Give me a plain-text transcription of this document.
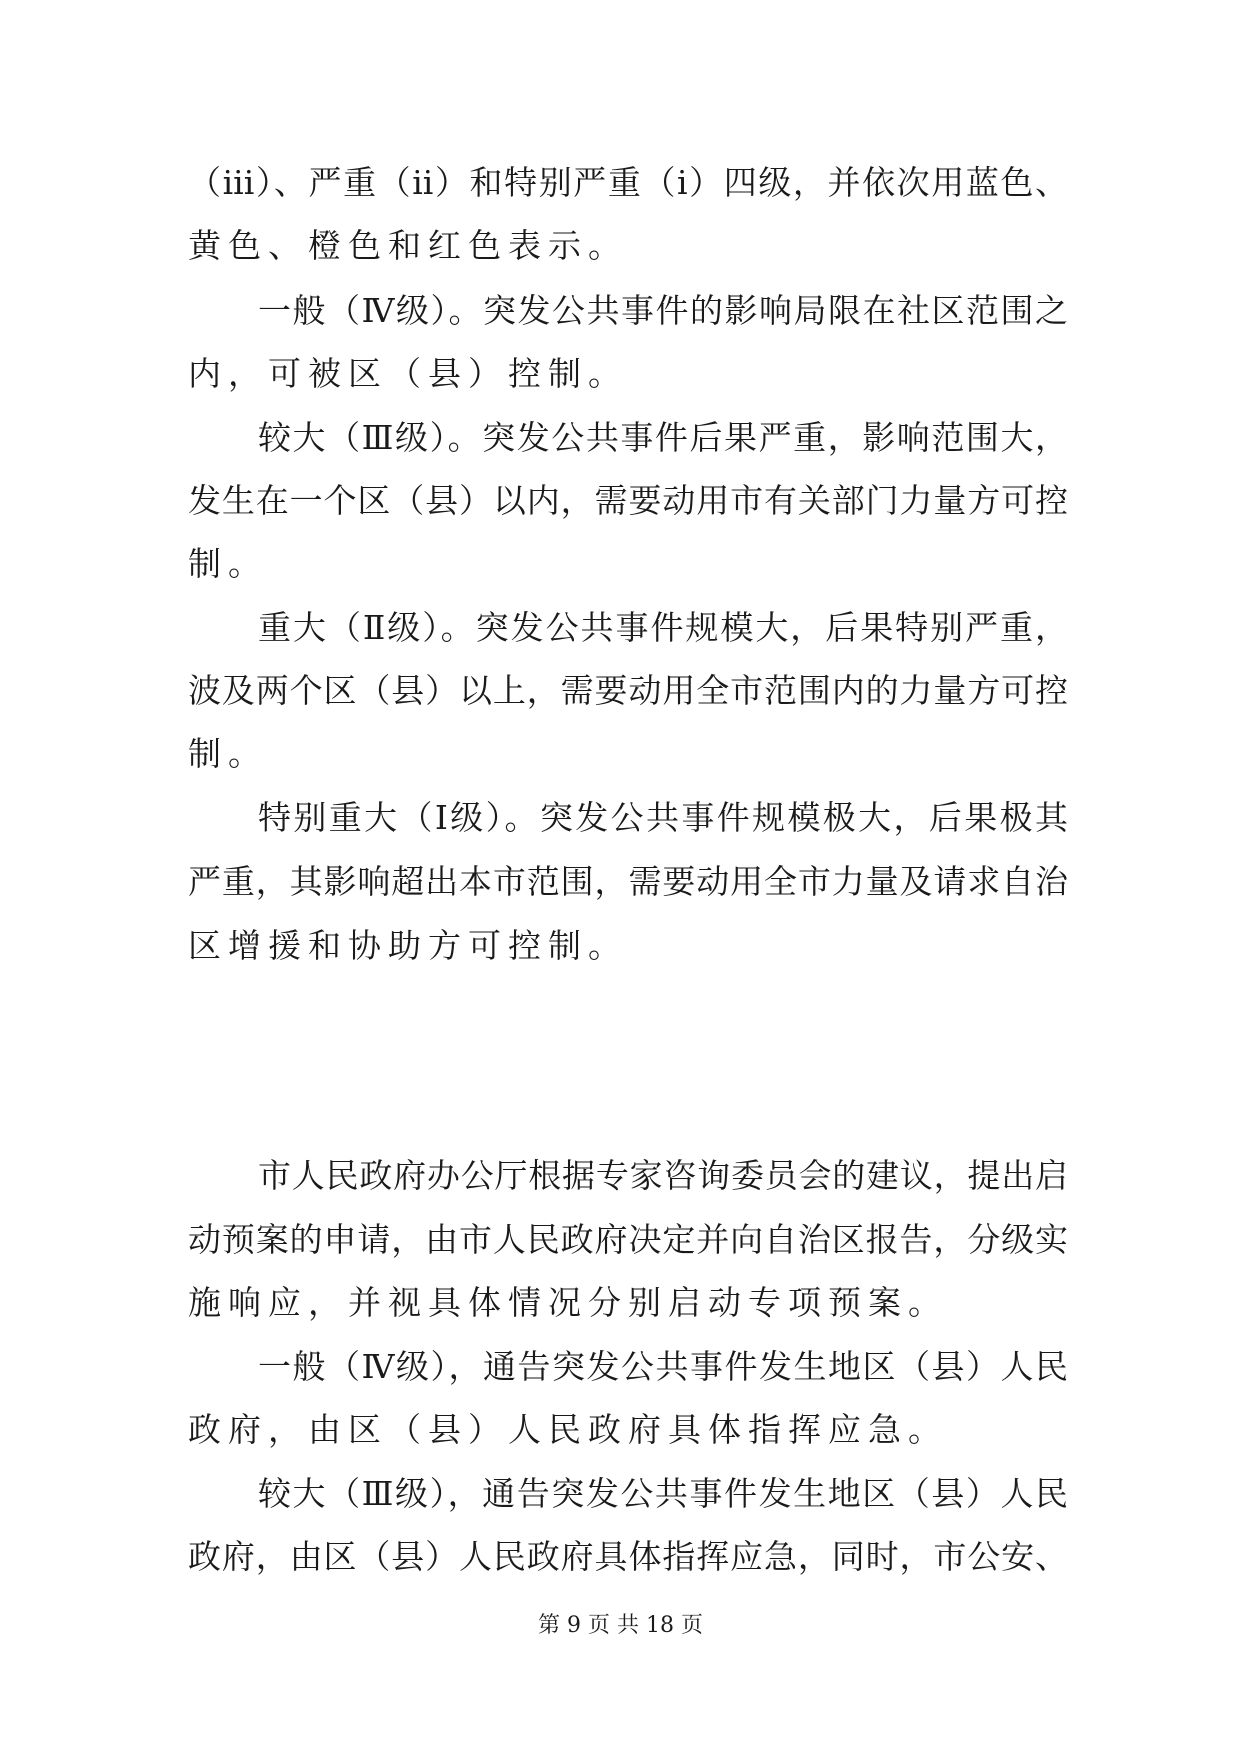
（iii）、严重（ii）和特别严重（i）四级，并依次用蓝色、
黄色、橙色和红色表示。
一般（Ⅳ级）。突发公共事件的影响局限在社区范围之
内，可被区（县）控制。
较大（Ⅲ级）。突发公共事件后果严重，影响范围大，
发生在一个区（县）以内，需要动用市有关部门力量方可控
制。
重大（Ⅱ级）。突发公共事件规模大，后果特别严重，
波及两个区（县）以上，需要动用全市范围内的力量方可控
制。
特别重大（Ⅰ级）。突发公共事件规模极大，后果极其
严重，其影响超出本市范围，需要动用全市力量及请求自治
区增援和协助方可控制。
市人民政府办公厅根据专家咨询委员会的建议，提出启
动预案的申请，由市人民政府决定并向自治区报告，分级实
施响应，并视具体情况分别启动专项预案。
一般（Ⅳ级），通告突发公共事件发生地区（县）人民
政府，由区（县）人民政府具体指挥应急。
较大（Ⅲ级），通告突发公共事件发生地区（县）人民
政府，由区（县）人民政府具体指挥应急，同时，市公安、
第 9 页 共 18 页
